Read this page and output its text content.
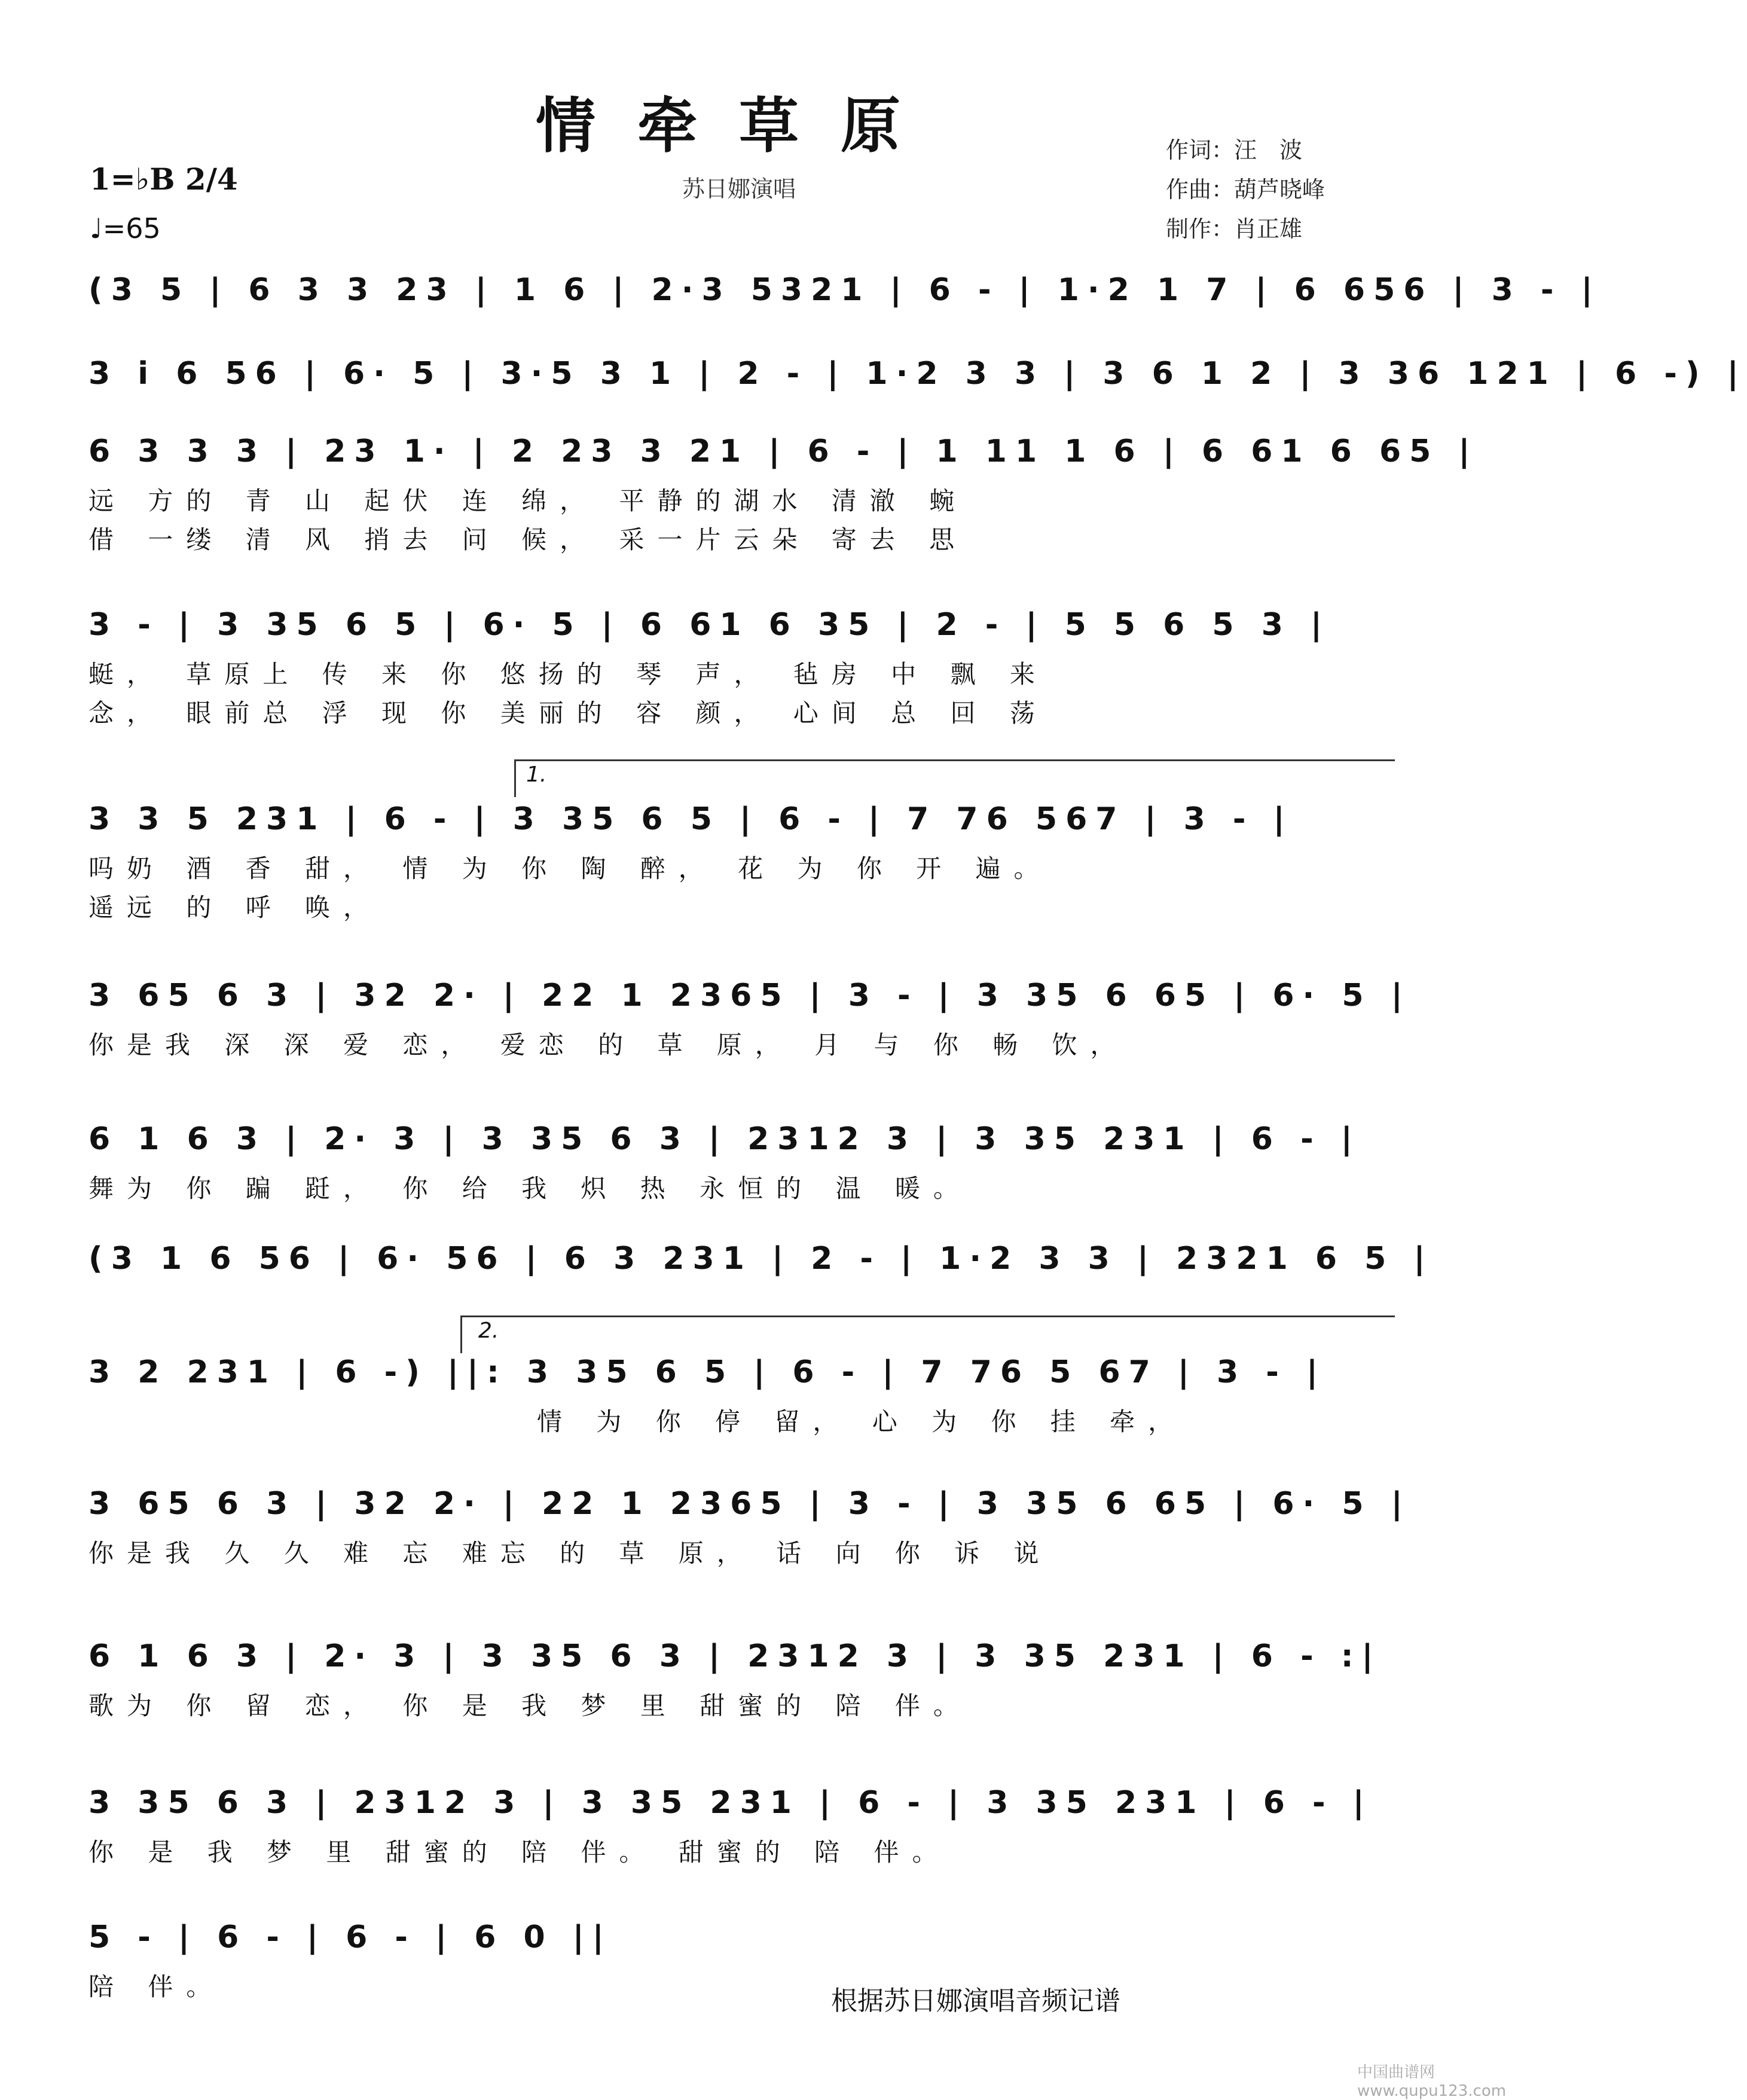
情牵草原
苏日娜演唱
1=♭B 2/4
♩=65
作词：汪　波
作曲：葫芦晓峰
制作：肖正雄
(3 5 | 6 3 3 23 | 1 6 | 2·3 5321 | 6 - | 1·2 1 7 | 6 656 | 3 - |
3 i 6 56 | 6· 5 | 3·5 3 1 | 2 - | 1·2 3 3 | 3 6 1 2 | 3 36 121 | 6 -) |
6 3 3 3 | 23 1· | 2 23 3 21 | 6 - | 1 11 1 6 | 6 61 6 65 |
远 方的 青 山 起伏 连 绵， 平静的湖水 清澈 蜿
借 一缕 清 风 捎去 问 候， 采一片云朵 寄去 思
3 - | 3 35 6 5 | 6· 5 | 6 61 6 35 | 2 - | 5 5 6 5 3 |
蜓， 草原上 传 来 你 悠扬的 琴 声， 毡房 中 飘 来
念， 眼前总 浮 现 你 美丽的 容 颜， 心间 总 回 荡
1.
3 3 5 231 | 6 - | 3 35 6 5 | 6 - | 7 76 567 | 3 - |
吗奶 酒 香 甜， 情 为 你 陶 醉， 花 为 你 开 遍。
遥远 的 呼 唤，
3 65 6 3 | 32 2· | 22 1 2365 | 3 - | 3 35 6 65 | 6· 5 |
你是我 深 深 爱 恋， 爱恋 的 草 原， 月 与 你 畅 饮，
6 1 6 3 | 2· 3 | 3 35 6 3 | 2312 3 | 3 35 231 | 6 - |
舞为 你 蹁 跹， 你 给 我 炽 热 永恒的 温 暖。
(3 1 6 56 | 6· 56 | 6 3 231 | 2 - | 1·2 3 3 | 2321 6 5 |
2.
3 2 231 | 6 -) ||: 3 35 6 5 | 6 - | 7 76 5 67 | 3 - |
情 为 你 停 留， 心 为 你 挂 牵，
3 65 6 3 | 32 2· | 22 1 2365 | 3 - | 3 35 6 65 | 6· 5 |
你是我 久 久 难 忘 难忘 的 草 原， 话 向 你 诉 说
6 1 6 3 | 2· 3 | 3 35 6 3 | 2312 3 | 3 35 231 | 6 - :|
歌为 你 留 恋， 你 是 我 梦 里 甜蜜的 陪 伴。
3 35 6 3 | 2312 3 | 3 35 231 | 6 - | 3 35 231 | 6 - |
你 是 我 梦 里 甜蜜的 陪 伴。 甜蜜的 陪 伴。
5 - | 6 - | 6 - | 6 0 ||
陪 伴。	根据苏日娜演唱音频记谱
中国曲谱网 www.qupu123.com
